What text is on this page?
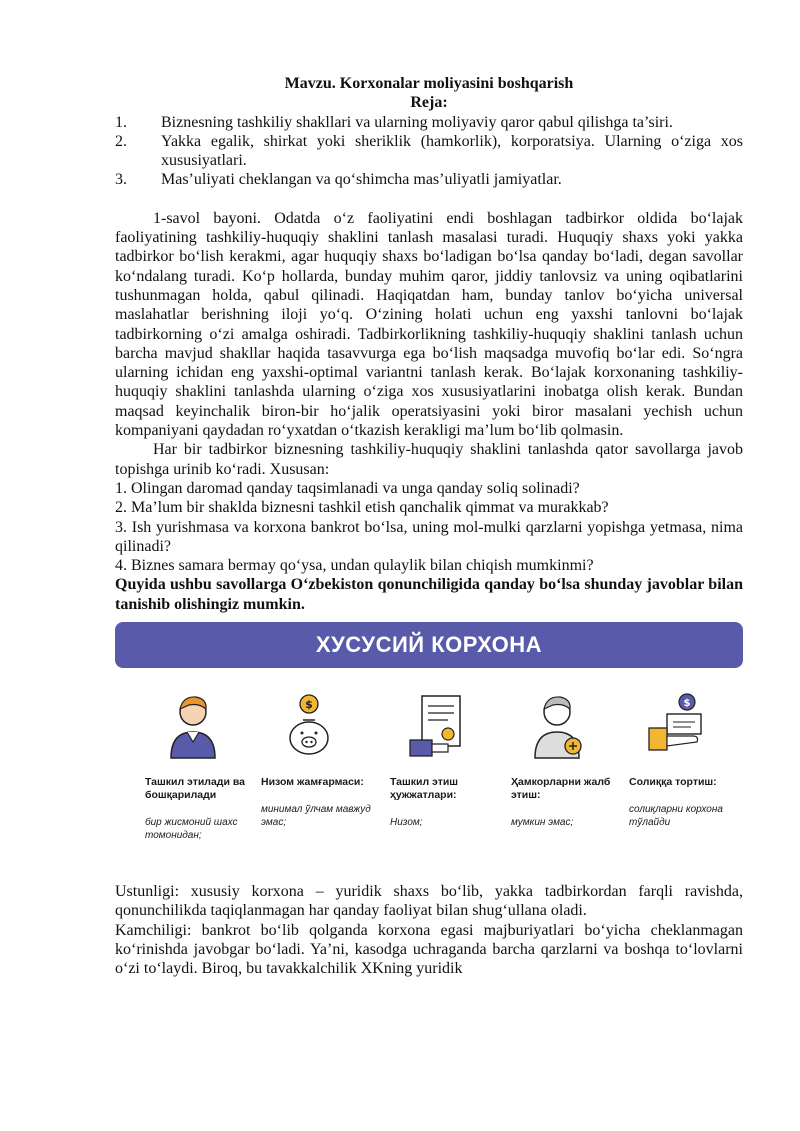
Mavzu. Korxonalar moliyasini boshqarish
Reja:
1.	Biznesning tashkiliy shakllari va ularning moliyaviy qaror qabul qilishga ta’siri.
2.	Yakka egalik, shirkat yoki sheriklik (hamkorlik), korporatsiya. Ularning o‘ziga xos xususiyatlari.
3.	Mas’uliyati cheklangan va qo‘shimcha mas’uliyatli jamiyatlar.

1-savol bayoni. Odatda o‘z faoliyatini endi boshlagan tadbirkor oldida bo‘lajak faoliyatining tashkiliy-huquqiy shaklini tanlash masalasi turadi. Huquqiy shaxs yoki yakka tadbirkor bo‘lish kerakmi, agar huquqiy shaxs bo‘ladigan bo‘lsa qanday bo‘ladi, degan savollar ko‘ndalang turadi. Ko‘p hollarda, bunday muhim qaror, jiddiy tanlovsiz va uning oqibatlarini tushunmagan holda, qabul qilinadi. Haqiqatdan ham, bunday tanlov bo‘yicha universal maslahatlar berishning iloji yo‘q. O‘zining holati uchun eng yaxshi tanlovni bo‘lajak tadbirkorning o‘zi amalga oshiradi. Tadbirkorlikning tashkiliy-huquqiy shaklini tanlash uchun barcha mavjud shakllar haqida tasavvurga ega bo‘lish maqsadga muvofiq bo‘lar edi. So‘ngra ularning ichidan eng yaxshi-optimal variantni tanlash kerak. Bo‘lajak korxonaning tashkiliy-huquqiy shaklini tanlashda ularning o‘ziga xos xususiyatlarini inobatga olish kerak. Bundan maqsad keyinchalik biron-bir ho‘jalik operatsiyasini yoki biror masalani yechish uchun kompaniyani qaydadan ro‘yxatdan o‘tkazish kerakligi ma’lum bo‘lib qolmasin.

Har bir tadbirkor biznesning tashkiliy-huquqiy shaklini tanlashda qator savollarga javob topishga urinib ko‘radi. Xususan:

1. Olingan daromad qanday taqsimlanadi va unga qanday soliq solinadi?

2. Ma’lum bir shaklda biznesni tashkil etish qanchalik qimmat va murakkab?

3. Ish yurishmasa va korxona bankrot bo‘lsa, uning mol-mulki qarzlarni yopishga yetmasa, nima qilinadi?

4. Biznes samara bermay qo‘ysa, undan qulaylik bilan chiqish mumkinmi?

Quyida ushbu savollarga O‘zbekiston qonunchiligida qanday bo‘lsa shunday javoblar bilan tanishib olishingiz mumkin.

ХУСУСИЙ КОРХОНА
Ташкил этилади ва бошқарилади
бир жисмоний шахс томонидан;
$
Низом жамғармаси:
минимал ўлчам мавжуд эмас;
Ташкил этиш ҳужжатлари:
Низом;
Ҳамкорларни жалб этиш:
мумкин эмас;
$
Солиққа тортиш:
солиқларни корхона тўлайди

Ustunligi: xususiy korxona – yuridik shaxs bo‘lib, yakka tadbirkordan farqli ravishda, qonunchilikda taqiqlanmagan har qanday faoliyat bilan shug‘ullana oladi.

Kamchiligi: bankrot bo‘lib qolganda korxona egasi majburiyatlari bo‘yicha cheklanmagan ko‘rinishda javobgar bo‘ladi. Ya’ni, kasodga uchraganda barcha qarzlarni va boshqa to‘lovlarni o‘zi to‘laydi. Biroq, bu tavakkalchilik XKning yuridik
